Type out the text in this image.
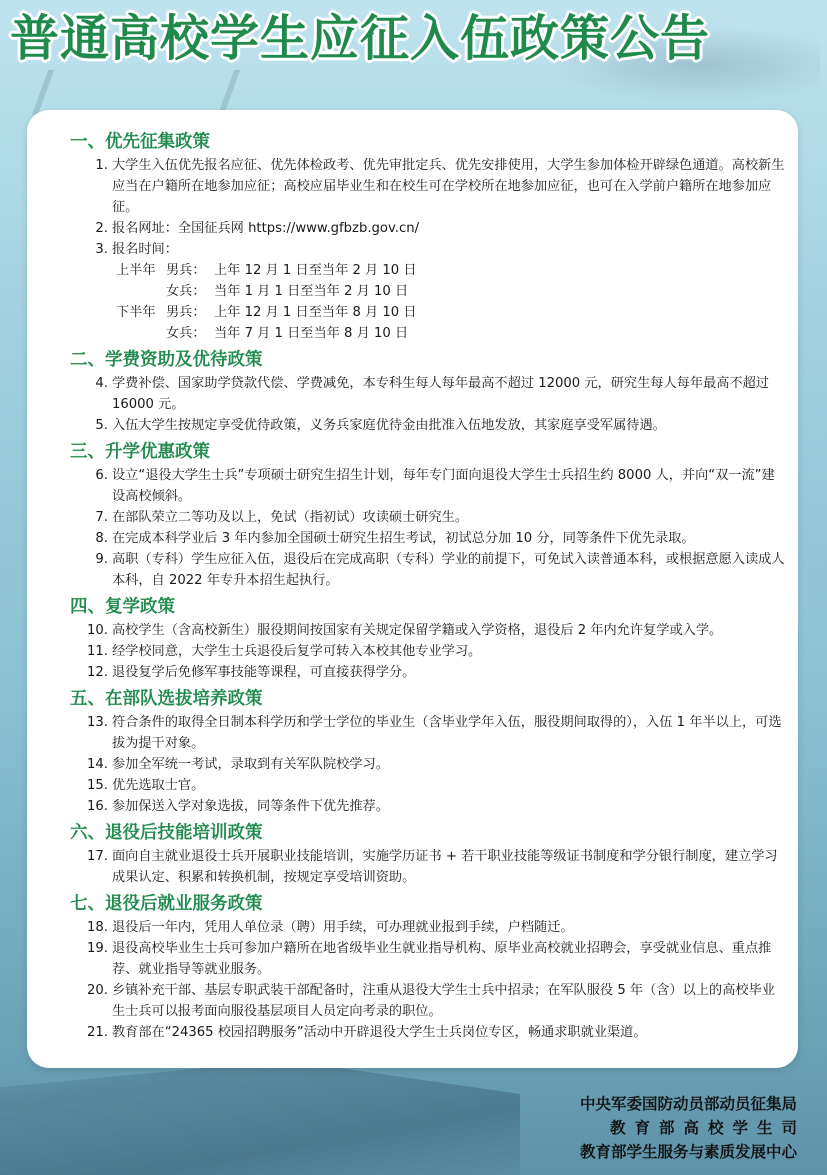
普通高校学生应征入伍政策公告
一、优先征集政策
1. 大学生入伍优先报名应征、优先体检政考、优先审批定兵、优先安排使用，大学生参加体检开辟绿色通道。高校新生应当在户籍所在地参加应征；高校应届毕业生和在校生可在学校所在地参加应征，也可在入学前户籍所在地参加应征。
2. 报名网址：全国征兵网 https://www.gfbzb.gov.cn/
3. 报名时间：
上半年 男兵： 上年 12 月 1 日至当年 2 月 10 日
女兵： 当年 1 月 1 日至当年 2 月 10 日
下半年 男兵： 上年 12 月 1 日至当年 8 月 10 日
女兵： 当年 7 月 1 日至当年 8 月 10 日
二、学费资助及优待政策
4. 学费补偿、国家助学贷款代偿、学费减免，本专科生每人每年最高不超过 12000 元，研究生每人每年最高不超过 16000 元。
5. 入伍大学生按规定享受优待政策，义务兵家庭优待金由批准入伍地发放，其家庭享受军属待遇。
三、升学优惠政策
6. 设立“退役大学生士兵”专项硕士研究生招生计划，每年专门面向退役大学生士兵招生约 8000 人，并向“双一流”建设高校倾斜。
7. 在部队荣立二等功及以上，免试（指初试）攻读硕士研究生。
8. 在完成本科学业后 3 年内参加全国硕士研究生招生考试，初试总分加 10 分，同等条件下优先录取。
9. 高职（专科）学生应征入伍，退役后在完成高职（专科）学业的前提下，可免试入读普通本科，或根据意愿入读成人本科，自 2022 年专升本招生起执行。
四、复学政策
10. 高校学生（含高校新生）服役期间按国家有关规定保留学籍或入学资格，退役后 2 年内允许复学或入学。
11. 经学校同意，大学生士兵退役后复学可转入本校其他专业学习。
12. 退役复学后免修军事技能等课程，可直接获得学分。
五、在部队选拔培养政策
13. 符合条件的取得全日制本科学历和学士学位的毕业生（含毕业学年入伍，服役期间取得的），入伍 1 年半以上，可选拔为提干对象。
14. 参加全军统一考试，录取到有关军队院校学习。
15. 优先选取士官。
16. 参加保送入学对象选拔，同等条件下优先推荐。
六、退役后技能培训政策
17. 面向自主就业退役士兵开展职业技能培训，实施学历证书 + 若干职业技能等级证书制度和学分银行制度，建立学习成果认定、积累和转换机制，按规定享受培训资助。
七、退役后就业服务政策
18. 退役后一年内，凭用人单位录（聘）用手续，可办理就业报到手续，户档随迁。
19. 退役高校毕业生士兵可参加户籍所在地省级毕业生就业指导机构、原毕业高校就业招聘会，享受就业信息、重点推荐、就业指导等就业服务。
20. 乡镇补充干部、基层专职武装干部配备时，注重从退役大学生士兵中招录；在军队服役 5 年（含）以上的高校毕业生士兵可以报考面向服役基层项目人员定向考录的职位。
21. 教育部在“24365 校园招聘服务”活动中开辟退役大学生士兵岗位专区，畅通求职就业渠道。
中央军委国防动员部动员征集局
教育部高校学生司
教育部学生服务与素质发展中心
